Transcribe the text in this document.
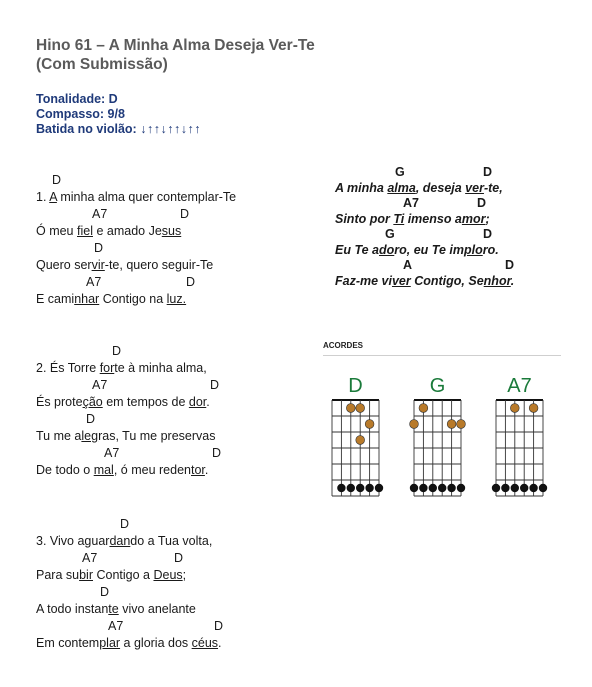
Hino 61 – A Minha Alma Deseja Ver-Te
(Com Submissão)
Tonalidade: D
Compasso: 9/8
Batida no violão: ↓↑↑↓↑↑↓↑↑
D
1. A minha alma quer contemplar-Te
A7	D
Ó meu fiel e amado Jesus
D
Quero servir-te, quero seguir-Te
A7	D
E caminhar Contigo na luz.
D
2. És Torre forte à minha alma,
A7	D
És proteção em tempos de dor.
D
Tu me alegras, Tu me preservas
A7	D
De todo o mal, ó meu redentor.
D
3. Vivo aguardando a Tua volta,
A7	D
Para subir Contigo a Deus;
D
A todo instante vivo anelante
A7	D
Em contemplar a gloria dos céus.
G	D
A minha alma, deseja ver-te,
A7	D
Sinto por Ti imenso amor;
G	D
Eu Te adoro, eu Te imploro.
A	D
Faz-me viver Contigo, Senhor.
ACORDES
D	G	A7
